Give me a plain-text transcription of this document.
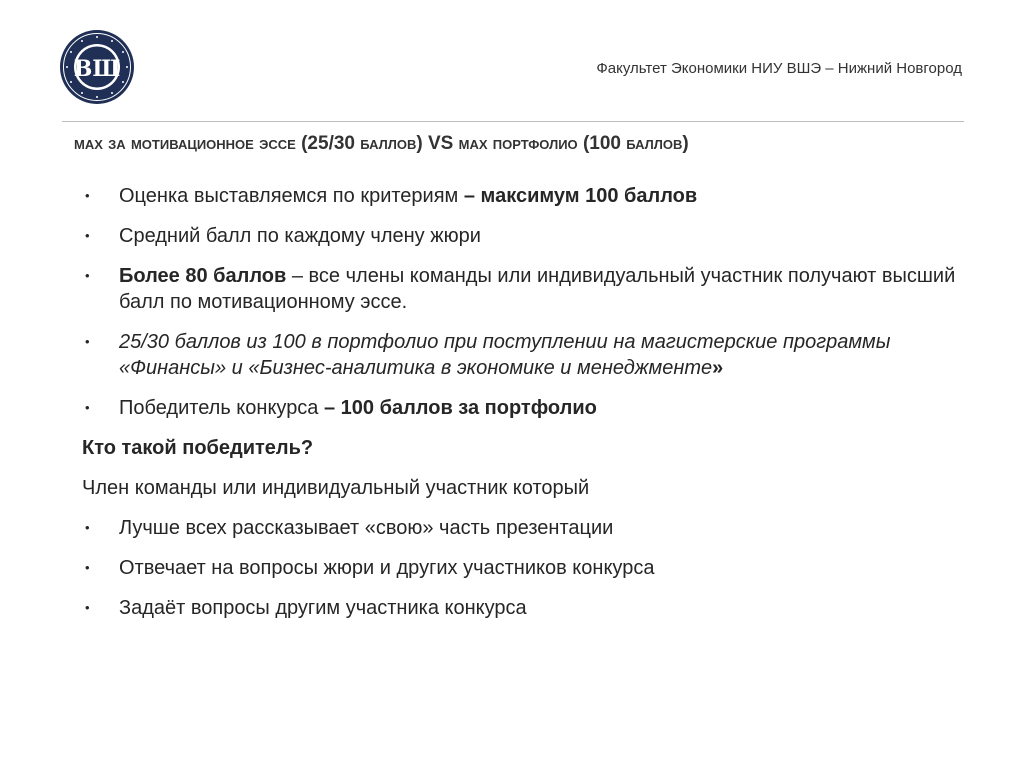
ВШ	Факультет Экономики НИУ ВШЭ – Нижний Новгород
max за мотивационное эссе (25/30 баллов) VS max портфолио (100 баллов)
• Оценка выставляемся по критериям – максимум 100 баллов
• Средний балл по каждому члену жюри
• Более 80 баллов – все члены команды или индивидуальный участник получают высший балл по мотивационному эссе.
• 25/30 баллов из 100 в портфолио при поступлении на магистерские программы «Финансы» и «Бизнес-аналитика в экономике и менеджменте»
• Победитель конкурса – 100 баллов за портфолио
Кто такой победитель?
Член команды или индивидуальный участник который
• Лучше всех рассказывает «свою» часть презентации
• Отвечает на вопросы жюри и других участников конкурса
• Задаёт вопросы другим участника конкурса
